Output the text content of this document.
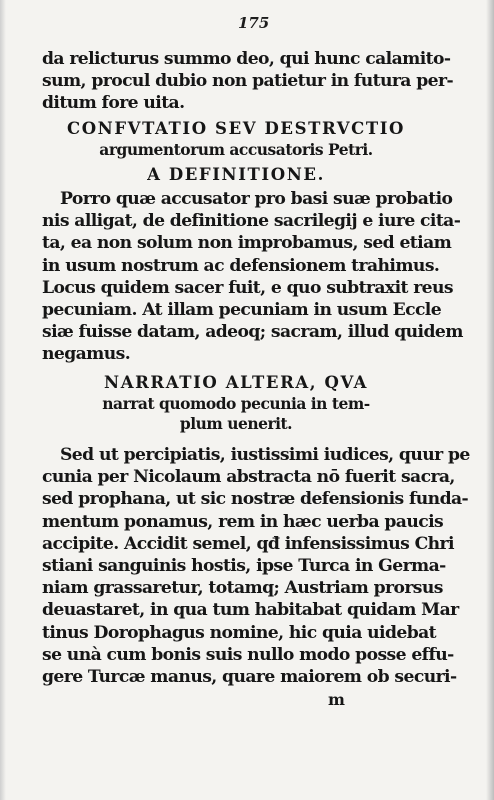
175
da relicturus summo deo, qui hunc calamito-
sum, procul dubio non patietur in futura per-
ditum fore uita.
CONFVTATIO SEV DESTRVCTIO
argumentorum accusatoris Petri.
A DEFINITIONE.
Porro quæ accusator pro basi suæ probatio
nis alligat, de definitione sacrilegij e iure cita-
ta, ea non solum non improbamus, sed etiam
in usum nostrum ac defensionem trahimus.
Locus quidem sacer fuit, e quo subtraxit reus
pecuniam. At illam pecuniam in usum Eccle
siæ fuisse datam, adeoq; sacram, illud quidem
negamus.
NARRATIO ALTERA, QVA
narrat quomodo pecunia in tem-
plum uenerit.
Sed ut percipiatis, iustissimi iudices, quur pe
cunia per Nicolaum abstracta nō fuerit sacra,
sed prophana, ut sic nostræ defensionis funda-
mentum ponamus, rem in hæc uerba paucis
accipite. Accidit semel, qđ infensissimus Chri
stiani sanguinis hostis, ipse Turca in Germa-
niam grassaretur, totamq; Austriam prorsus
deuastaret, in qua tum habitabat quidam Mar
tinus Dorophagus nomine, hic quia uidebat
se unà cum bonis suis nullo modo posse effu-
gere Turcæ manus, quare maiorem ob securi-
m
